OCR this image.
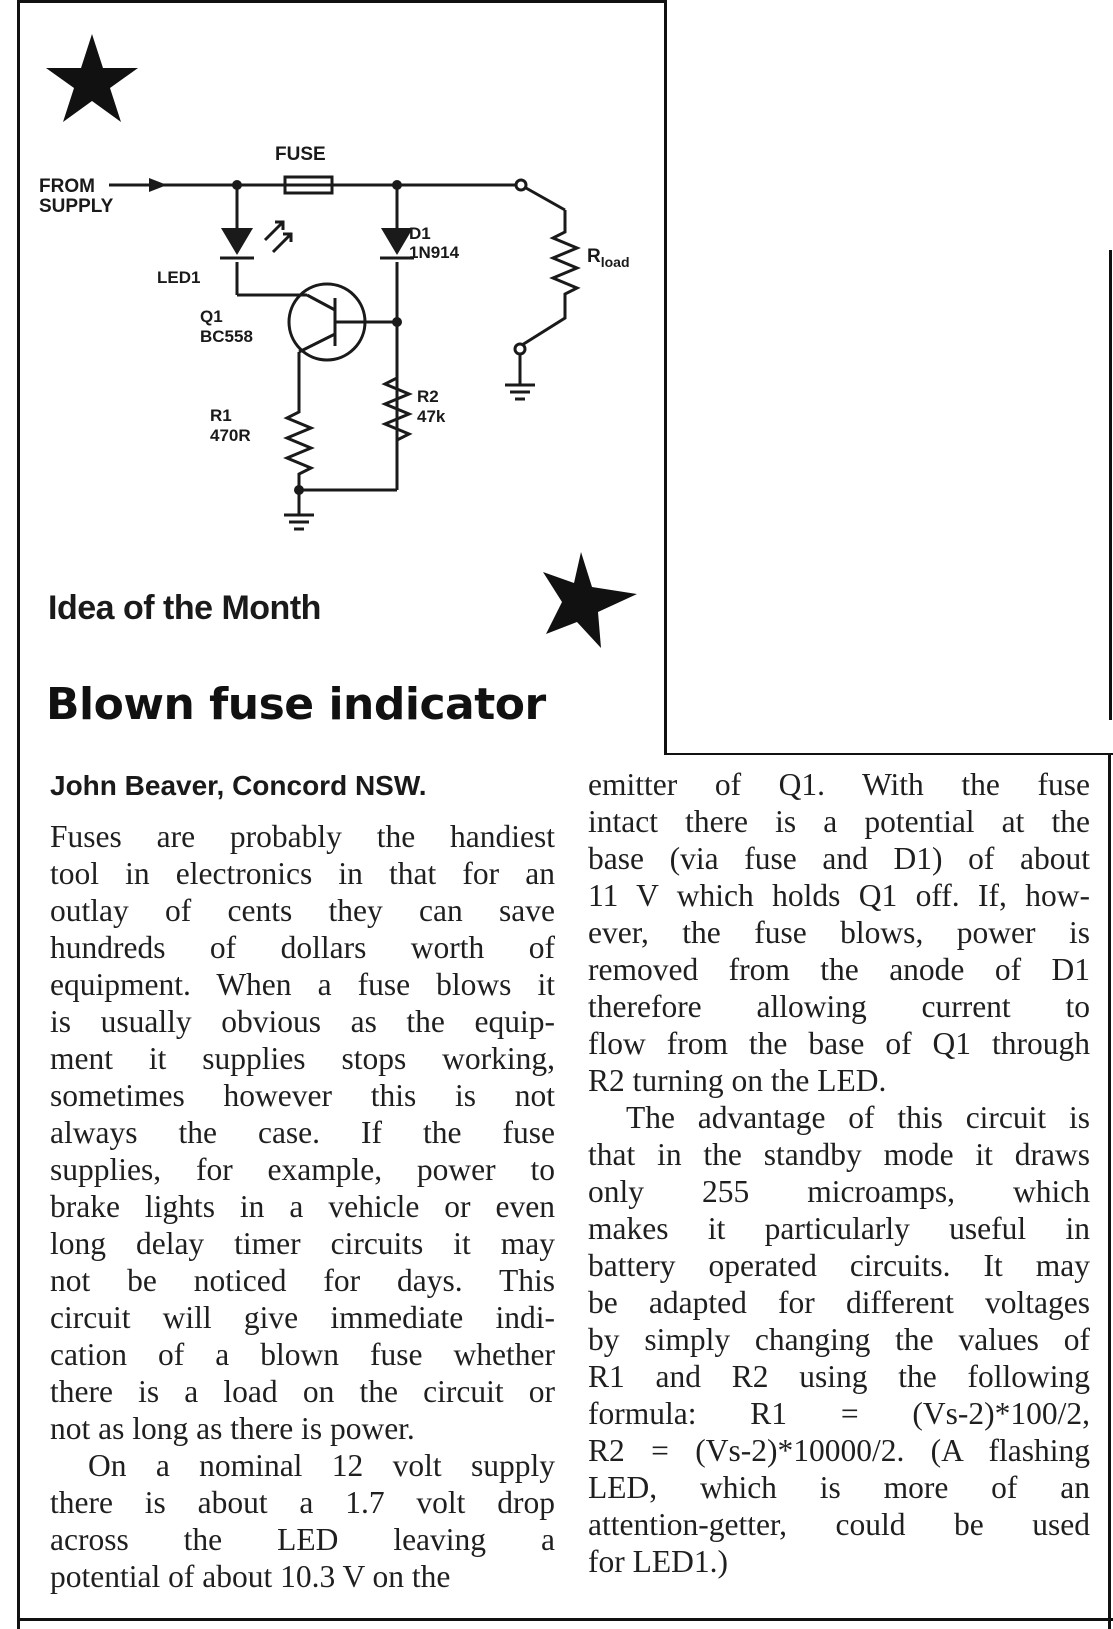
FROM
SUPPLY
FUSE
LED1
D1
1N914	$R_{load}$
Q1
BC558
R1
470R
R2
47k
Idea of the Month
Blown fuse indicator
John Beaver, Concord NSW.
Fuses are probably the handiest
tool in electronics in that for an
outlay of cents they can save
hundreds of dollars worth of
equipment. When a fuse blows it
is usually obvious as the equip-
ment it supplies stops working,
sometimes however this is not
always the case. If the fuse
supplies, for example, power to
brake lights in a vehicle or even
long delay timer circuits it may
not be noticed for days. This
circuit will give immediate indi-
cation of a blown fuse whether
there is a load on the circuit or
not as long as there is power.
On a nominal 12 volt supply
there is about a 1.7 volt drop
across the LED leaving a
potential of about 10.3 V on the
emitter of Q1. With the fuse
intact there is a potential at the
base (via fuse and D1) of about
11 V which holds Q1 off. If, how-
ever, the fuse blows, power is
removed from the anode of D1
therefore allowing current to
flow from the base of Q1 through
R2 turning on the LED.
The advantage of this circuit is
that in the standby mode it draws
only 255 microamps, which
makes it particularly useful in
battery operated circuits. It may
be adapted for different voltages
by simply changing the values of
R1 and R2 using the following
formula: R1 = (Vs-2)*100/2,
R2 = (Vs-2)*10000/2. (A flashing
LED, which is more of an
attention-getter, could be used
for LED1.)
